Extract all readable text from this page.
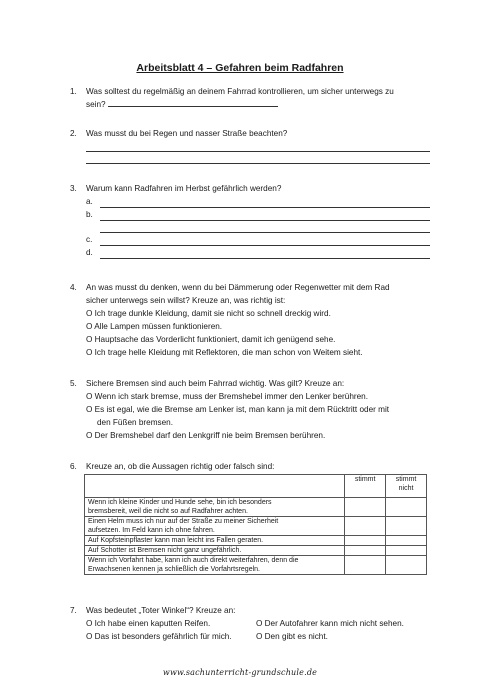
Arbeitsblatt 4 – Gefahren beim Radfahren
1.	Was solltest du regelmäßig an deinem Fahrrad kontrollieren, um sicher unterwegs zu
sein?
2.	Was musst du bei Regen und nasser Straße beachten?
3.	Warum kann Radfahren im Herbst gefährlich werden?
a.
b.
c.
d.
4.	An was musst du denken, wenn du bei Dämmerung oder Regenwetter mit dem Rad
sicher unterwegs sein willst? Kreuze an, was richtig ist:
O Ich trage dunkle Kleidung, damit sie nicht so schnell dreckig wird.
O Alle Lampen müssen funktionieren.
O Hauptsache das Vorderlicht funktioniert, damit ich genügend sehe.
O Ich trage helle Kleidung mit Reflektoren, die man schon von Weitem sieht.
5.	Sichere Bremsen sind auch beim Fahrrad wichtig. Was gilt? Kreuze an:
O Wenn ich stark bremse, muss der Bremshebel immer den Lenker berühren.
O Es ist egal, wie die Bremse am Lenker ist, man kann ja mit dem Rücktritt oder mit
den Füßen bremsen.
O Der Bremshebel darf den Lenkgriff nie beim Bremsen berühren.
6.	Kreuze an, ob die Aussagen richtig oder falsch sind:
	stimmt	stimmt
nicht
Wenn ich kleine Kinder und Hunde sehe, bin ich besonders
bremsbereit, weil die nicht so auf Radfahrer achten.		
Einen Helm muss ich nur auf der Straße zu meiner Sicherheit
aufsetzen. Im Feld kann ich ohne fahren.		
Auf Kopfsteinpflaster kann man leicht ins Fallen geraten.		
Auf Schotter ist Bremsen nicht ganz ungefährlich.		
Wenn ich Vorfahrt habe, kann ich auch direkt weiterfahren, denn die
Erwachsenen kennen ja schließlich die Vorfahrtsregeln.		
7.	Was bedeutet „Toter Winkel“? Kreuze an:
O Ich habe einen kaputten Reifen.	O Der Autofahrer kann mich nicht sehen.
O Das ist besonders gefährlich für mich.	O Den gibt es nicht.
www.sachunterricht-grundschule.de
